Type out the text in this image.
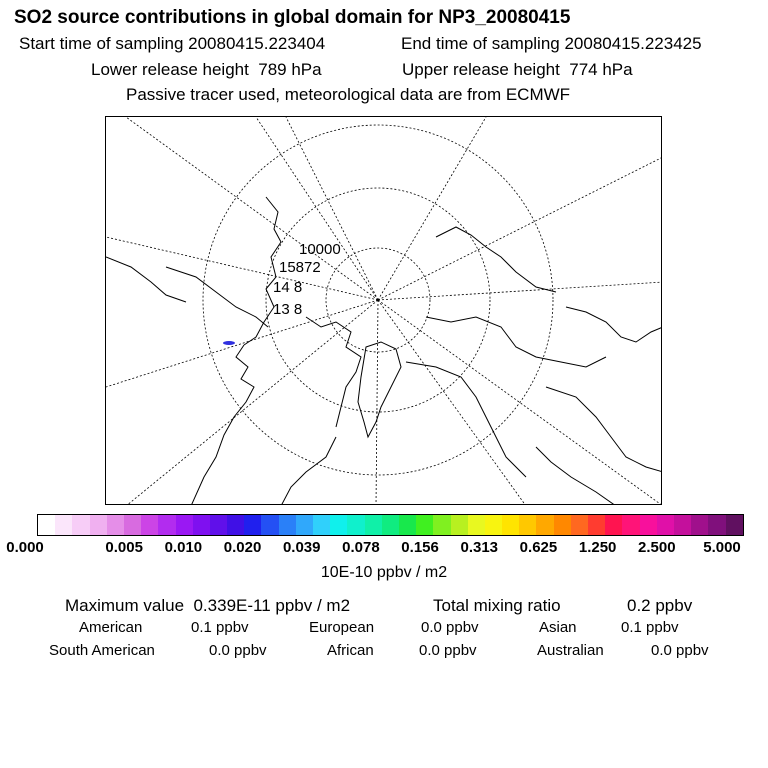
SO2 source contributions in global domain for NP3_20080415
Start time of sampling 20080415.223404	End time of sampling 20080415.223425
Lower release height  789 hPa	Upper release height  774 hPa
Passive tracer used, meteorological data are from ECMWF
10000
15872
14 8
13 8
0.000	0.005 0.010 0.020 0.039 0.078 0.156 0.313 0.625 1.250 2.500 5.000
10E-10 ppbv / m2
Maximum value  0.339E-11 ppbv / m2	Total mixing ratio	0.2 ppbv
American	0.1 ppbv	European	0.0 ppbv	Asian	0.1 ppbv
South American	0.0 ppbv	African	0.0 ppbv	Australian	0.0 ppbv
